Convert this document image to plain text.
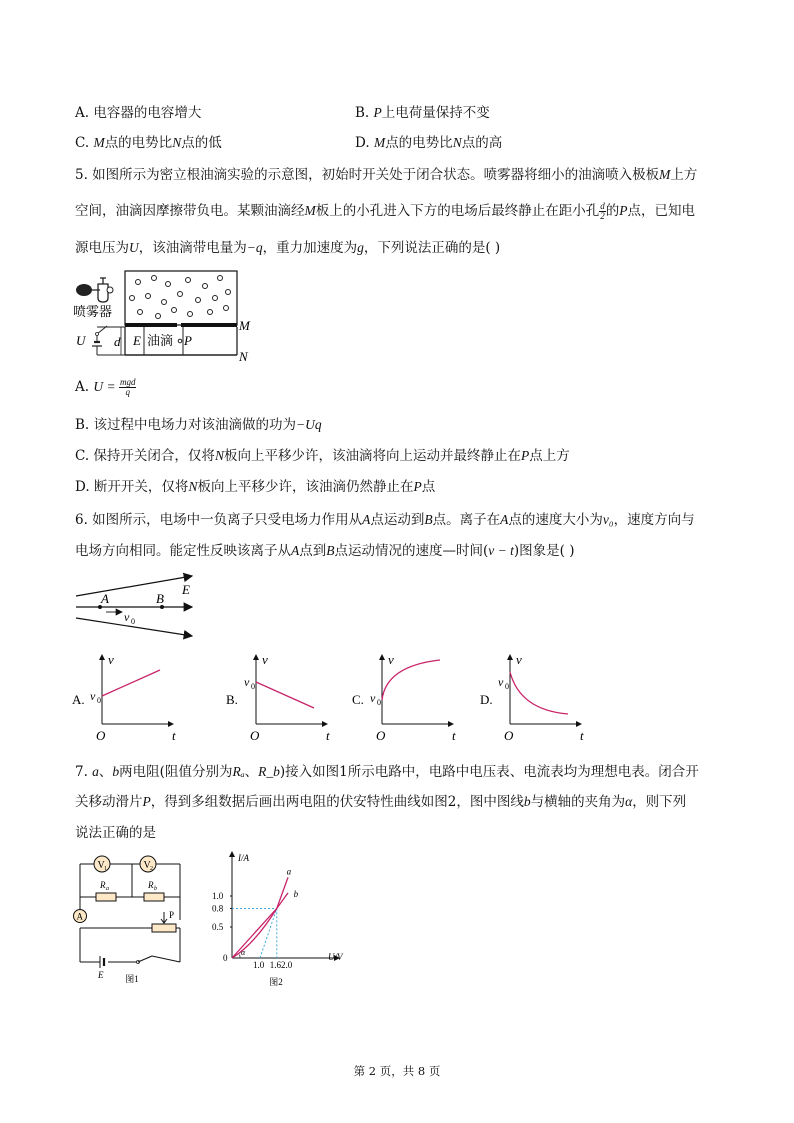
A. 电容器的电容增大	B. P上电荷量保持不变
C. M点的电势比N点的低	D. M点的电势比N点的高
5. 如图所示为密立根油滴实验的示意图，初始时开关处于闭合状态。喷雾器将细小的油滴喷入极板M上方
空间，油滴因摩擦带负电。某颗油滴经M板上的小孔进入下方的电场后最终静止在距小孔 $\frac{d}{2}$ 的P点，已知电
源电压为U，该油滴带电量为−q，重力加速度为g，下列说法正确的是( )
喷雾器
M
N
d E 油滴 P
U
A. $U = \frac{\text{mgd}}{q}$
B. 该过程中电场力对该油滴做的功为−Uq
C. 保持开关闭合，仅将N板向上平移少许，该油滴将向上运动并最终静止在P点上方
D. 断开开关，仅将N板向上平移少许，该油滴仍然静止在P点
6. 如图所示，电场中一负离子只受电场力作用从A点运动到B点。离子在A点的速度大小为v₀，速度方向与
电场方向相同。能定性反映该离子从A点到B点运动情况的速度—时间(v − t)图象是( )
A	B
E
v 0
A.
v
v 0
O	t
B.
v
v 0
O	t
C.
v
v 0
O	t
D.
v
v 0
O	t
7. a、b两电阻(阻值分别为Rₐ、R_b)接入如图1所示电路中，电路中电压表、电流表均为理想电表。闭合开
关移动滑片P，得到多组数据后画出两电阻的伏安特性曲线如图2，图中图线b与横轴的夹角为α，则下列
说法正确的是
V 1	V 2
R a	R b
A	P
E 图1
I/A
U/V
0
1.0
0.8
0.5
1.0 1.6 2.0
a
b
α
图2
第 2 页，共 8 页
